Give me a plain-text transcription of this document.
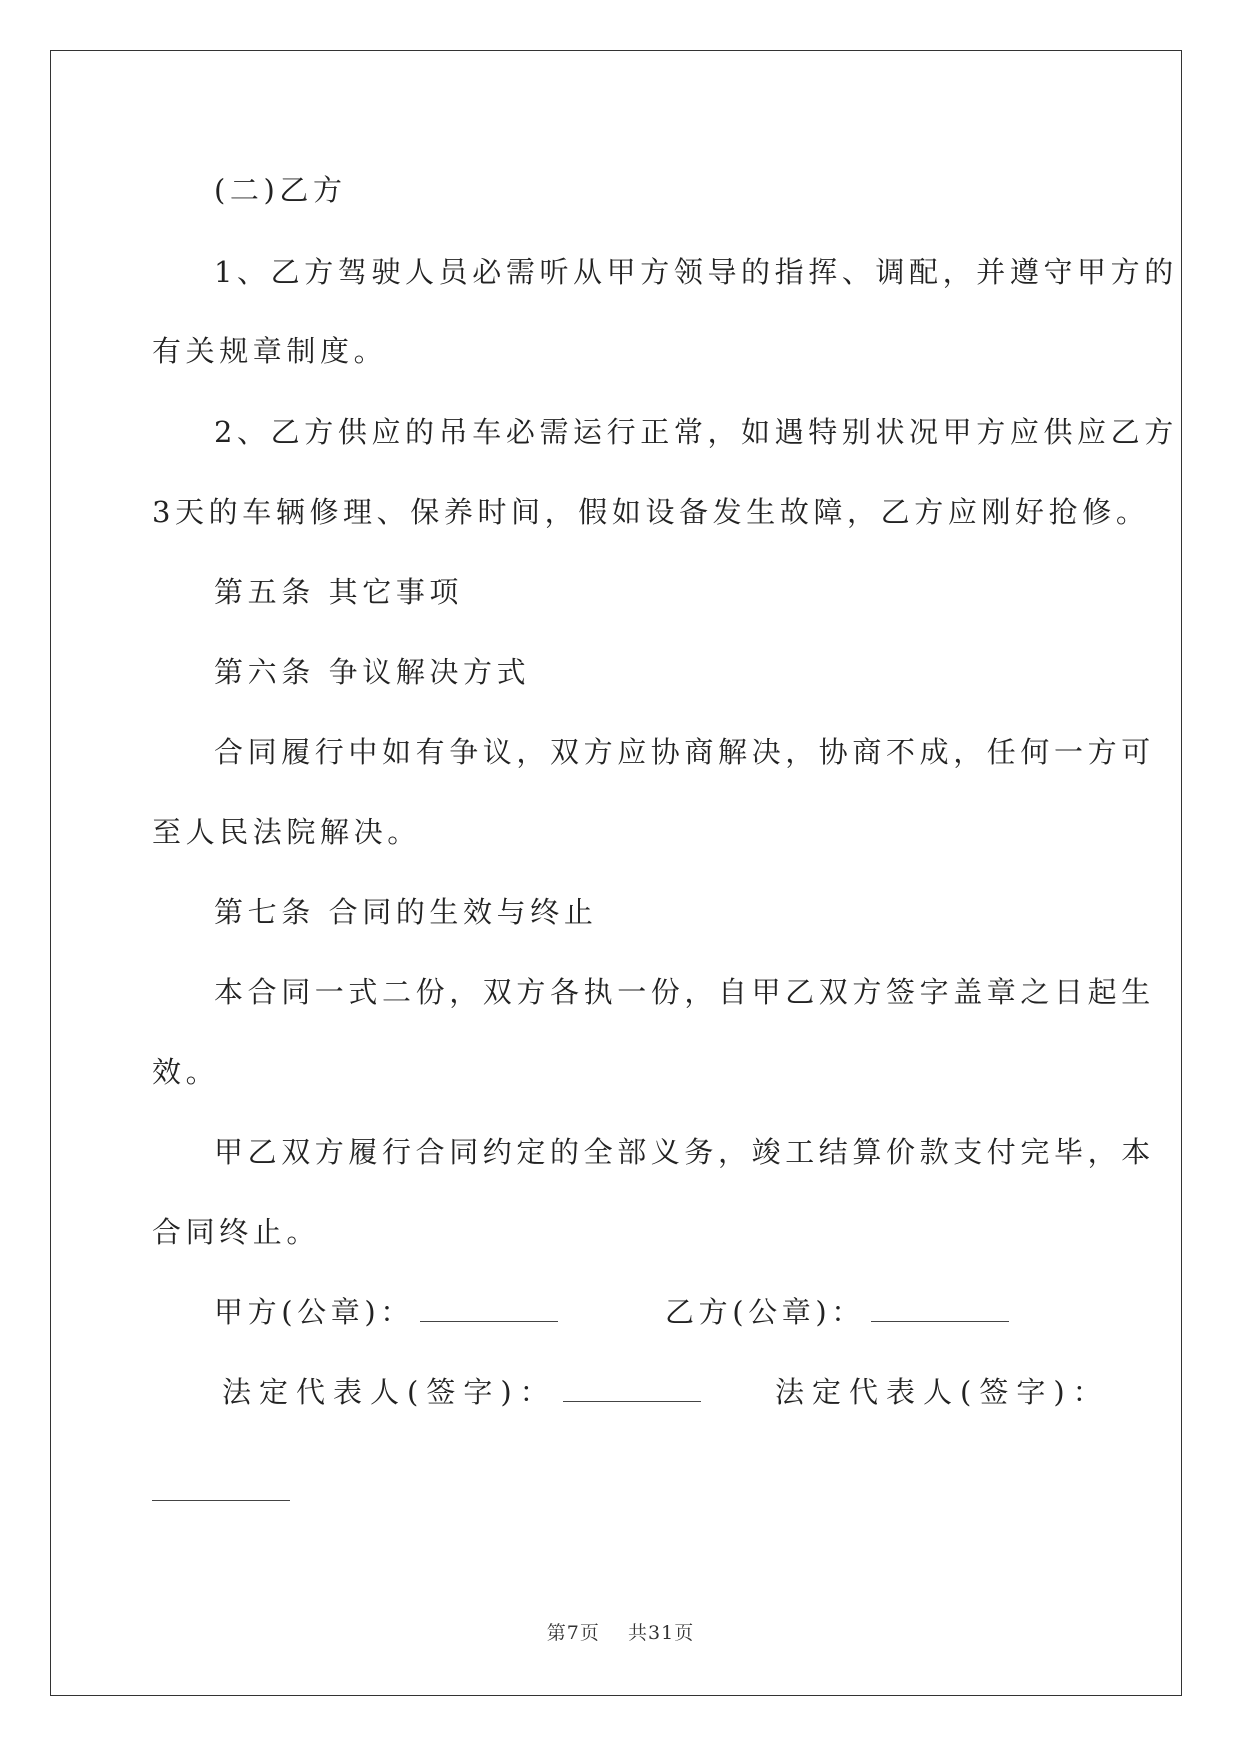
(二)乙方
1、乙方驾驶人员必需听从甲方领导的指挥、调配，并遵守甲方的
有关规章制度。
2、乙方供应的吊车必需运行正常，如遇特别状况甲方应供应乙方
3天的车辆修理、保养时间，假如设备发生故障，乙方应刚好抢修。
第五条 其它事项
第六条 争议解决方式
合同履行中如有争议，双方应协商解决，协商不成，任何一方可
至人民法院解决。
第七条 合同的生效与终止
本合同一式二份，双方各执一份，自甲乙双方签字盖章之日起生
效。
甲乙双方履行合同约定的全部义务，竣工结算价款支付完毕，本
合同终止。
甲方(公章)：	乙方(公章)：
法定代表人(签字)：	法定代表人(签字)：
第7页 共31页
